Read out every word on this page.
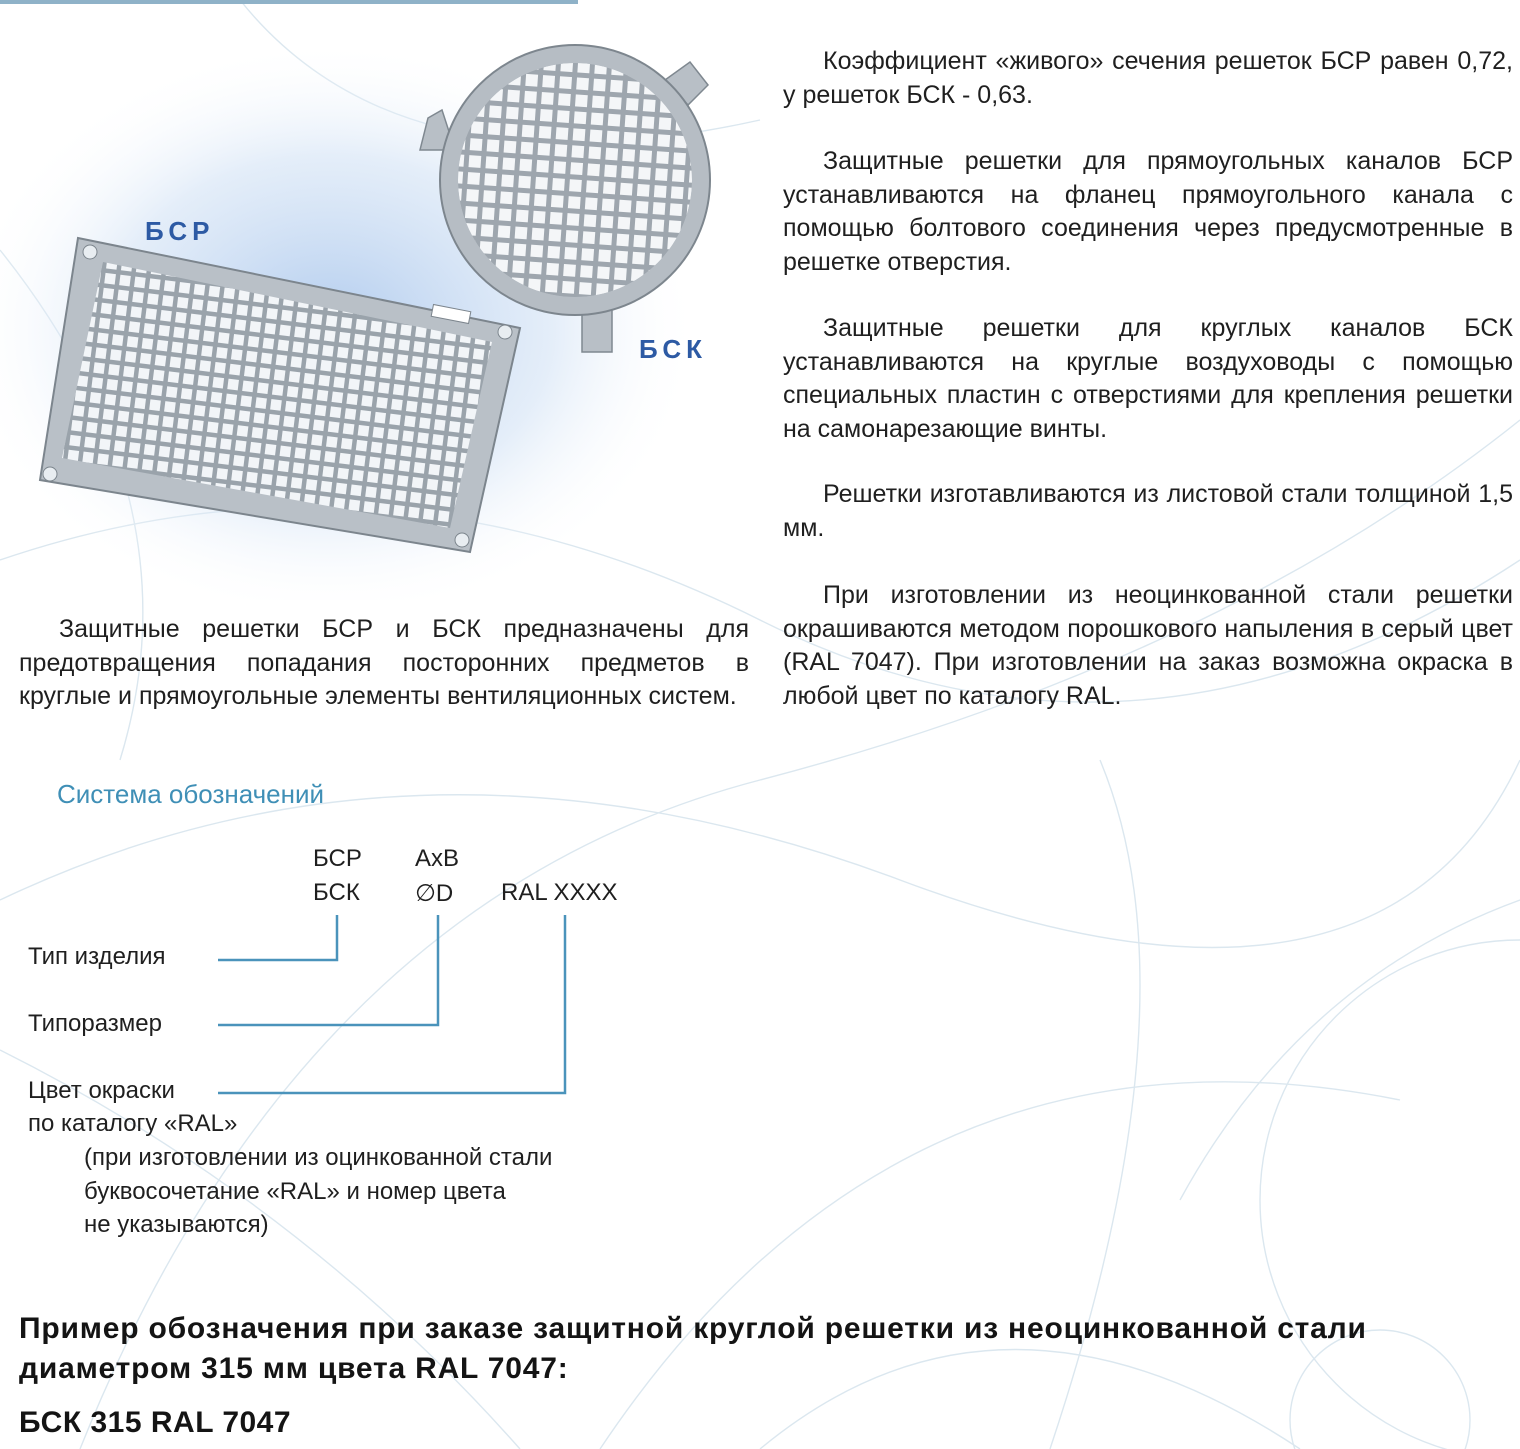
БСР
БСК

Коэффициент «живого» сечения решеток БСР равен 0,72, у решеток БСК - 0,63.

Защитные решетки для прямоугольных каналов БСР устанавливаются на фланец прямоугольного канала с помощью болтового соединения через предусмотренные в решетке отверстия.

Защитные решетки для круглых каналов БСК устанавливаются на круглые воздуховоды с помощью специальных пластин с отверстиями для крепления решетки на самонарезающие винты.

Решетки изготавливаются из листовой стали толщиной 1,5 мм.

При изготовлении из неоцинкованной стали решетки окрашиваются методом порошкового напыления в серый цвет (RAL 7047). При изготовлении на заказ возможна окраска в любой цвет по каталогу RAL.

Защитные решетки БСР и БСК предназначены для предотвращения попадания посторонних предметов в круглые и прямоугольные элементы вентиляционных систем.

Система обозначений
БСР
БСК
АхВ
∅D RAL XXXX
Тип изделия
Типоразмер
Цвет окраски
по каталогу «RAL»
(при изготовлении из оцинкованной стали
буквосочетание «RAL» и номер цвета
не указываются)
Пример обозначения при заказе защитной круглой решетки из неоцинкованной стали диаметром 315 мм цвета RAL 7047:
БСК 315 RAL 7047
